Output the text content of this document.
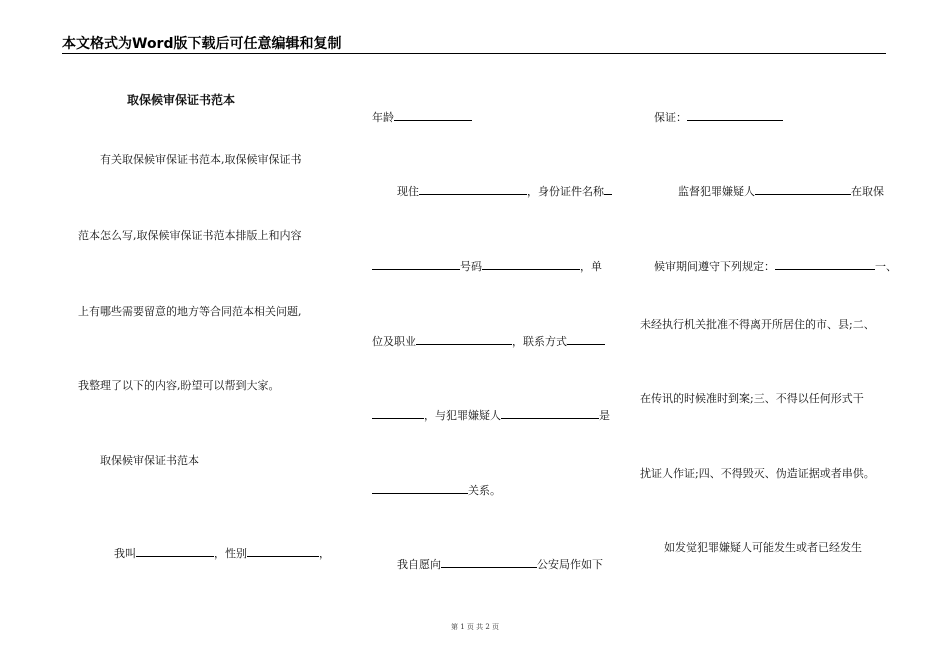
本文格式为Word版下载后可任意编辑和复制
取保候审保证书范本
有关取保候审保证书范本,取保候审保证书
范本怎么写,取保候审保证书范本排版上和内容
上有哪些需要留意的地方等合同范本相关问题,
我整理了以下的内容,盼望可以帮到大家。
取保候审保证书范本

我叫	，性别	，

年龄

现住	，身份证件名称

号码	，单

位及职业	，联系方式

，与犯罪嫌疑人	是

关系。

我自愿向	公安局作如下

保证：

监督犯罪嫌疑人	在取保

候审期间遵守下列规定：	一、

未经执行机关批准不得离开所居住的市、县;二、
在传讯的时候准时到案;三、不得以任何形式干
扰证人作证;四、不得毁灭、伪造证据或者串供。
如发觉犯罪嫌疑人可能发生或者已经发生
第 1 页 共 2 页
